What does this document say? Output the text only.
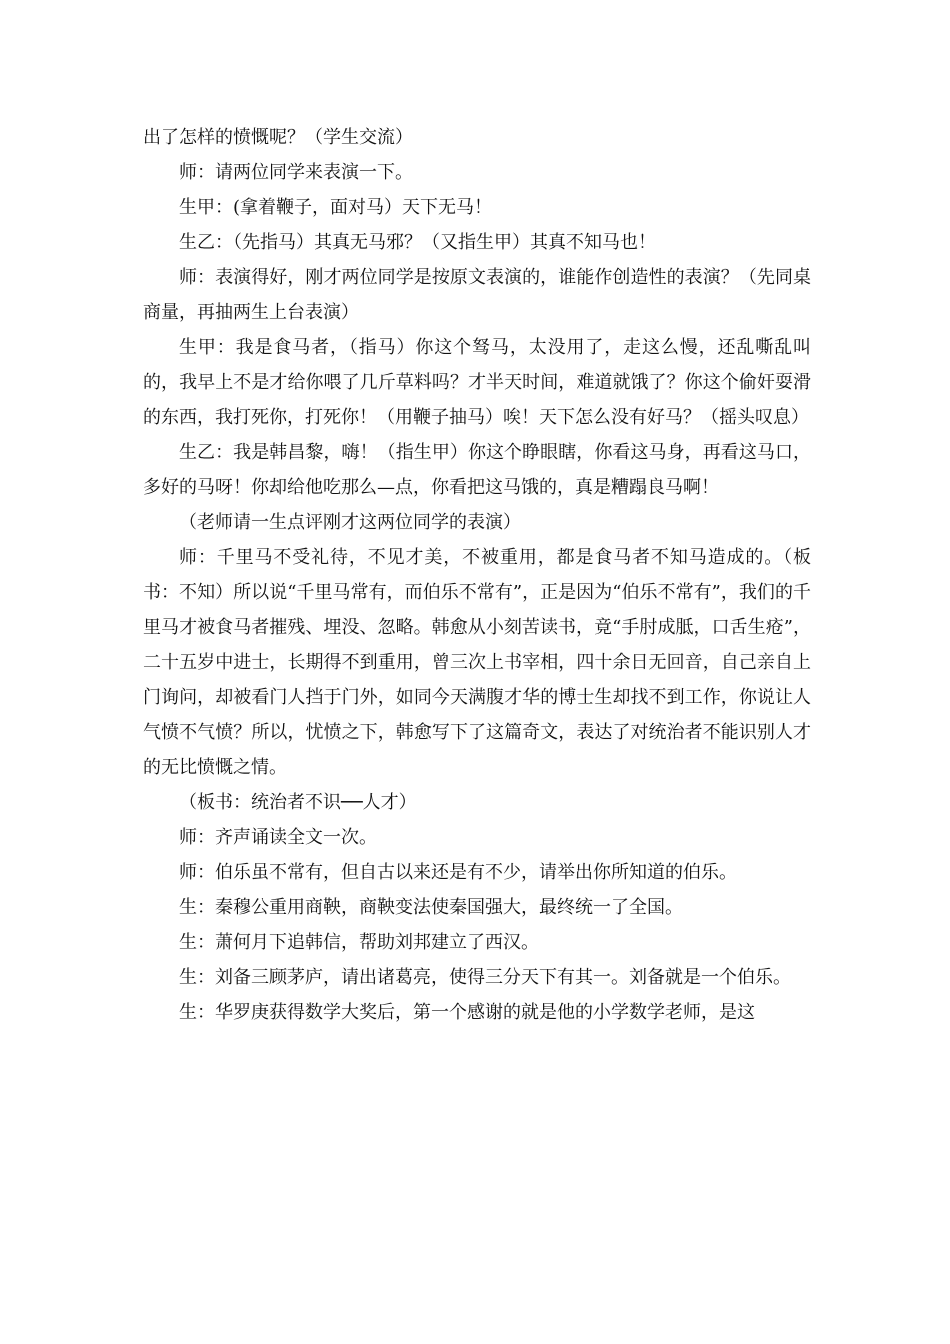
出了怎样的愤慨呢？（学生交流）

师：请两位同学来表演一下。

生甲：(拿着鞭子，面对马）天下无马！

生乙：（先指马）其真无马邪？（又指生甲）其真不知马也！

师：表演得好，刚才两位同学是按原文表演的，谁能作创造性的表演？（先同桌商量，再抽两生上台表演）

生甲：我是食马者，（指马）你这个驽马，太没用了，走这么慢，还乱嘶乱叫的，我早上不是才给你喂了几斤草料吗？才半天时间，难道就饿了？你这个偷奸耍滑的东西，我打死你，打死你！（用鞭子抽马）唉！天下怎么没有好马？（摇头叹息）

生乙：我是韩昌黎，嗨！（指生甲）你这个睁眼瞎，你看这马身，再看这马口，多好的马呀！你却给他吃那么—点，你看把这马饿的，真是糟蹋良马啊！

（老师请一生点评刚才这两位同学的表演）

师：千里马不受礼待，不见才美，不被重用，都是食马者不知马造成的。（板书：不知）所以说“千里马常有，而伯乐不常有”，正是因为“伯乐不常有”，我们的千里马才被食马者摧残、埋没、忽略。韩愈从小刻苦读书，竟“手肘成胝，口舌生疮”，二十五岁中进士，长期得不到重用，曾三次上书宰相，四十余日无回音，自己亲自上门询问，却被看门人挡于门外，如同今天满腹才华的博士生却找不到工作，你说让人气愤不气愤？所以，忧愤之下，韩愈写下了这篇奇文，表达了对统治者不能识别人才的无比愤慨之情。

（板书：统治者不识──人才）

师：齐声诵读全文一次。

师：伯乐虽不常有，但自古以来还是有不少，请举出你所知道的伯乐。

生：秦穆公重用商鞅，商鞅变法使秦国强大，最终统一了全国。

生：萧何月下追韩信，帮助刘邦建立了西汉。

生：刘备三顾茅庐，请出诸葛亮，使得三分天下有其一。刘备就是一个伯乐。

生：华罗庚获得数学大奖后，第一个感谢的就是他的小学数学老师，是这
